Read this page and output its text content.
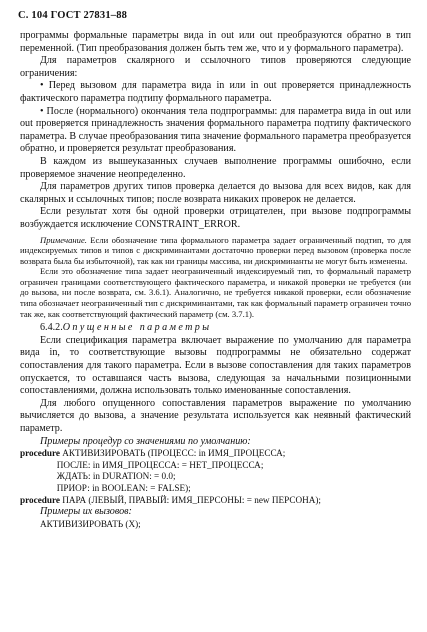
С. 104 ГОСТ 27831–88

программы формальные параметры вида in out или out преобразуются обратно в тип переменной. (Тип преобразования должен быть тем же, что и у формального параметра).

Для параметров скалярного и ссылочного типов проверяются следующие ограничения:

• Перед вызовом для параметра вида in или in out проверяется принадлежность фактического параметра подтипу формального параметра.

• После (нормального) окончания тела подпрограммы: для параметра вида in out или out проверяется принадлежность значения формального параметра подтипу фактического параметра. В случае преобразования типа значение формального параметра преобразуется обратно, и проверяется результат преобразования.

В каждом из вышеуказанных случаев выполнение программы ошибочно, если проверяемое значение неопределенно.

Для параметров других типов проверка делается до вызова для всех видов, как для скалярных и ссылочных типов; после возврата никаких проверок не делается.

Если результат хотя бы одной проверки отрицателен, при вызове подпрограммы возбуждается исключение CONSTRAINT_ERROR.

Примечание. Если обозначение типа формального параметра задает ограниченный подтип, то для индексируемых типов и типов с дискриминантами достаточно проверки перед вызовом (проверка после возврата была бы избыточной), так как ни границы массива, ни дискриминанты не могут быть изменены.

Если это обозначение типа задает неограниченный индексируемый тип, то формальный параметр ограничен границами соответствующего фактического параметра, и никакой проверки не требуется (ни до вызова, ни после возврата, см. 3.6.1). Аналогично, не требуется никакой проверки, если обозначение типа обозначает неограниченный тип с дискриминантами, так как формальный параметр ограничен точно так же, как соответствующий фактический параметр (см. 3.7.1).

6.4.2.Опущенные параметры

Если спецификация параметра включает выражение по умолчанию для параметра вида in, то соответствующие вызовы подпрограммы не обязательно содержат сопоставления для такого параметра. Если в вызове сопоставления для таких параметров опускается, то оставшаяся часть вызова, следующая за начальными позиционными сопоставлениями, должна использовать только именованные сопоставления.

Для любого опущенного сопоставления параметров выражение по умолчанию вычисляется до вызова, а значение результата используется как неявный фактический параметр.

Примеры процедур со значениями по умолчанию:

procedure АКТИВИЗИРОВАТЬ (ПРОЦЕСС: in ИМЯ_ПРОЦЕССА;

ПОСЛЕ: in ИМЯ_ПРОЦЕССА: = НЕТ_ПРОЦЕССА;

ЖДАТЬ: in DURATION: = 0.0;

ПРИОР: in BOOLEAN: = FALSE);

procedure ПАРА (ЛЕВЫЙ, ПРАВЫЙ: ИМЯ_ПЕРСОНЫ: = new ПЕРСОНА);

Примеры их вызовов:

АКТИВИЗИРОВАТЬ (X);
